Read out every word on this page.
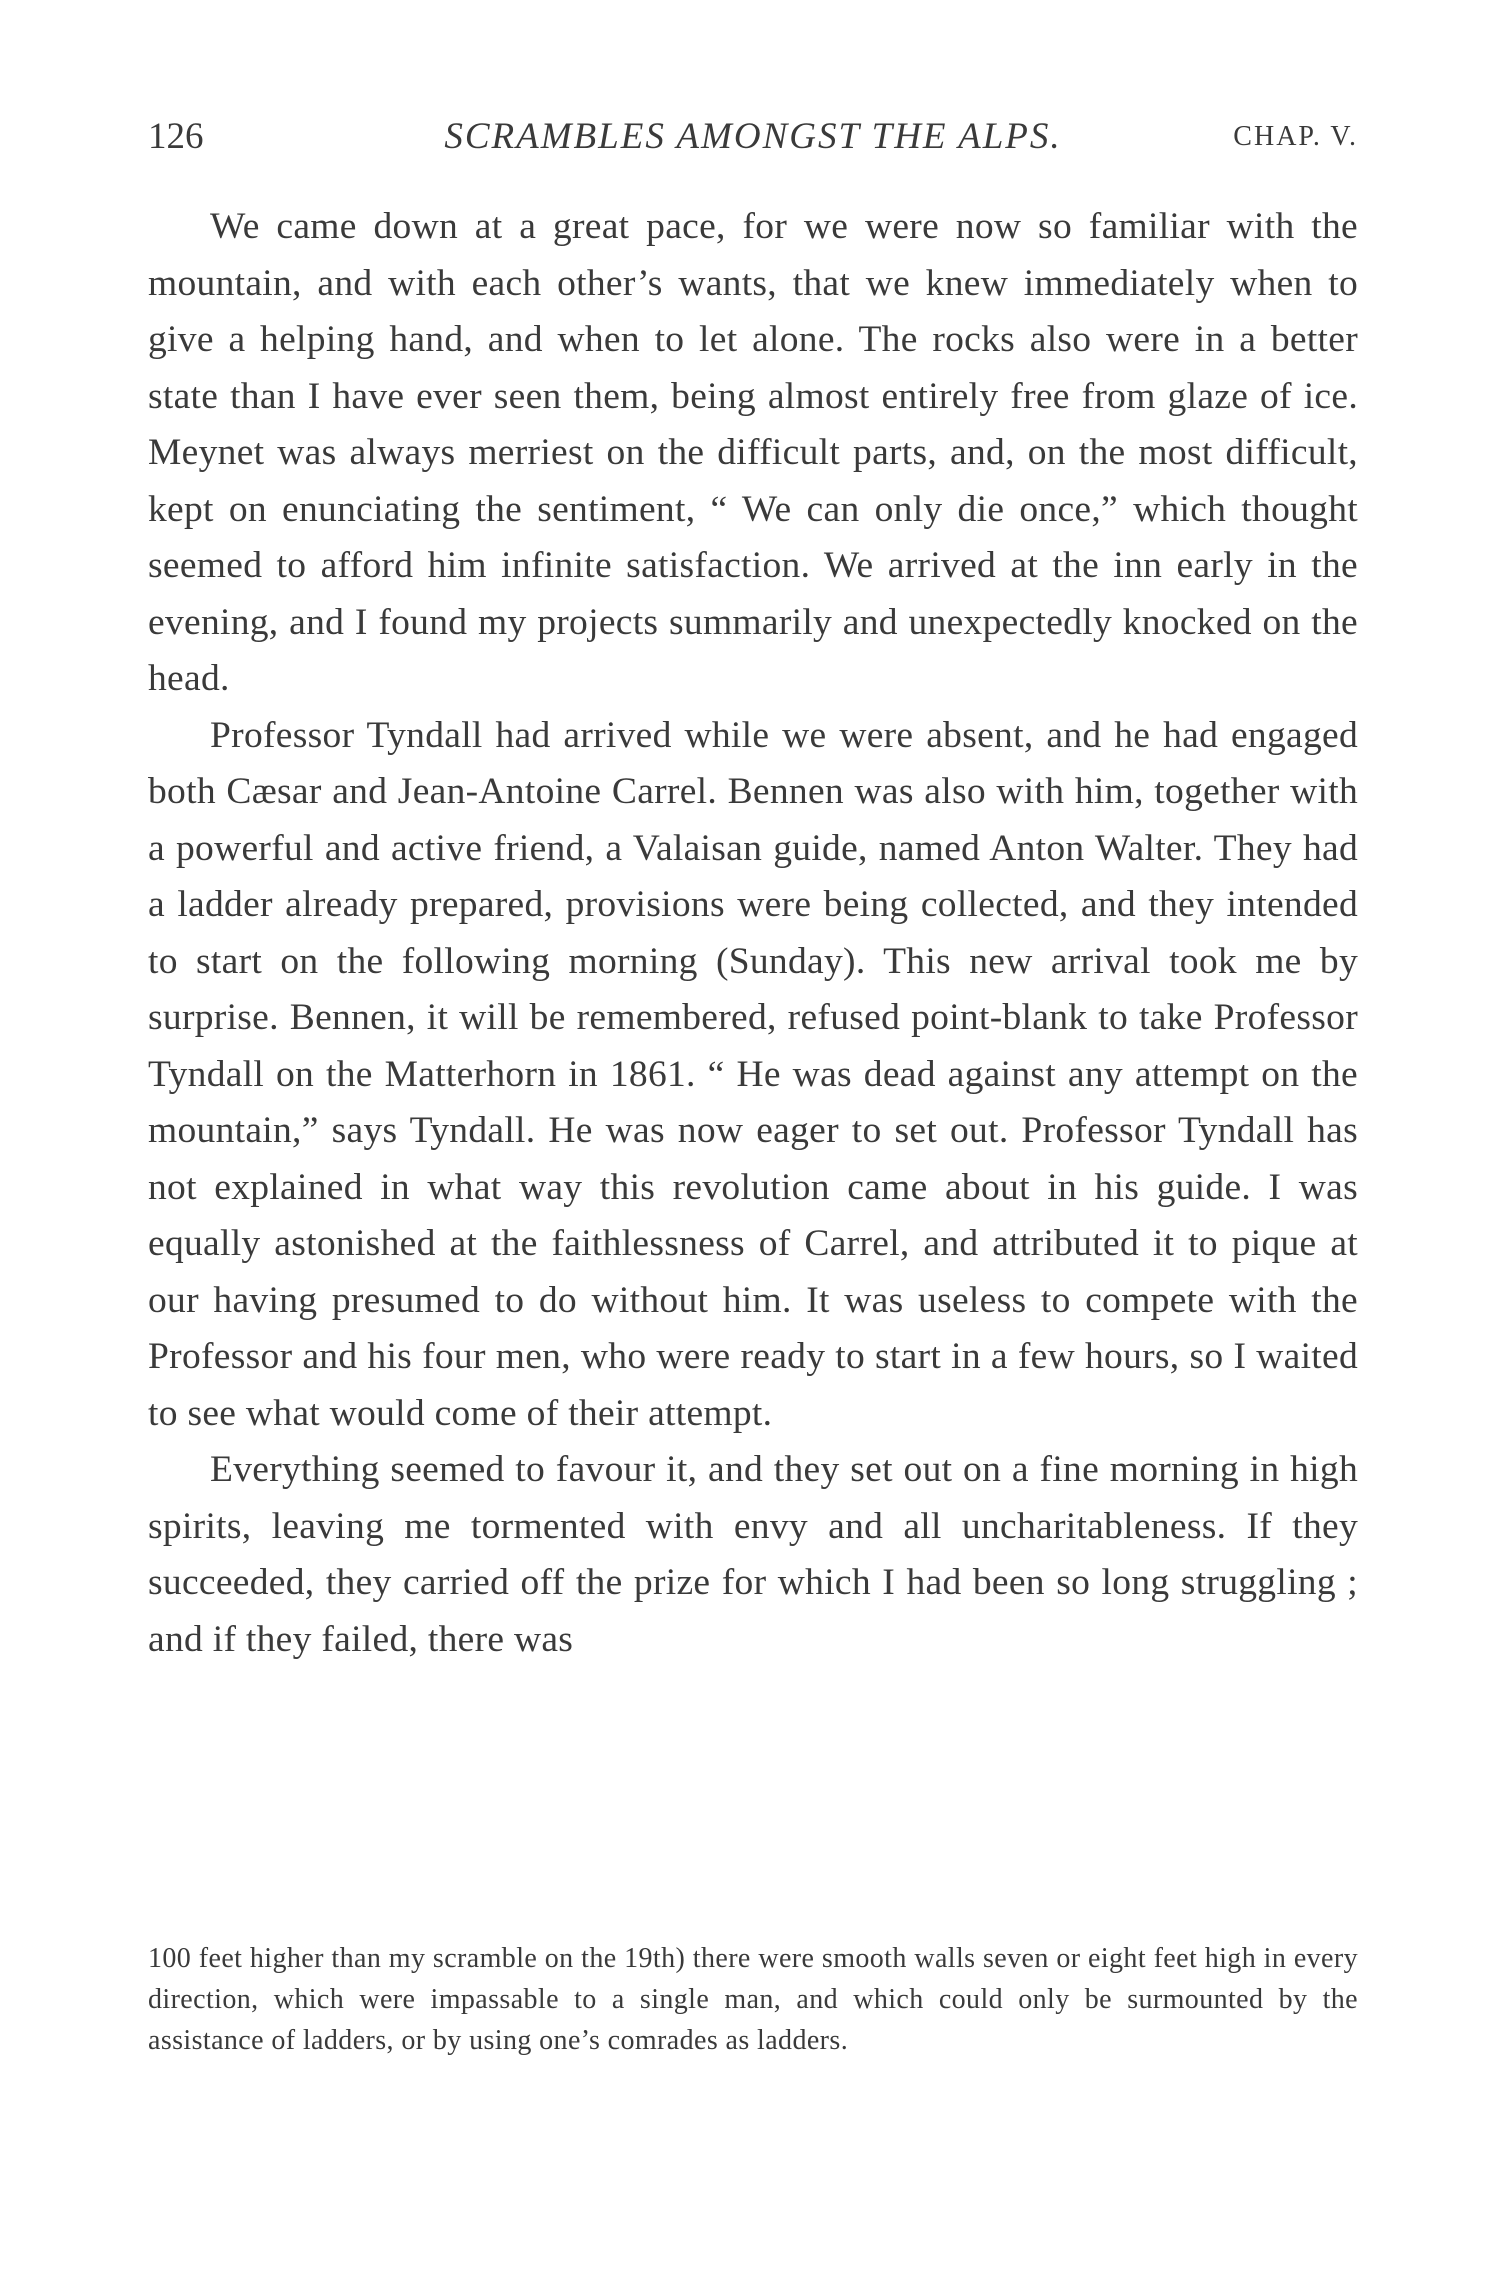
126	SCRAMBLES AMONGST THE ALPS.	CHAP. V.

We came down at a great pace, for we were now so familiar with the mountain, and with each other’s wants, that we knew immediately when to give a helping hand, and when to let alone. The rocks also were in a better state than I have ever seen them, being almost entirely free from glaze of ice. Meynet was always merriest on the difficult parts, and, on the most difficult, kept on enunciating the sentiment, “ We can only die once,” which thought seemed to afford him infinite satisfaction. We arrived at the inn early in the evening, and I found my projects summarily and unexpectedly knocked on the head.

Professor Tyndall had arrived while we were absent, and he had engaged both Cæsar and Jean-Antoine Carrel. Bennen was also with him, together with a powerful and active friend, a Valaisan guide, named Anton Walter. They had a ladder already prepared, provisions were being collected, and they intended to start on the following morning (Sunday). This new arrival took me by surprise. Bennen, it will be remembered, refused point-blank to take Professor Tyndall on the Matterhorn in 1861. “ He was dead against any attempt on the mountain,” says Tyndall. He was now eager to set out. Professor Tyndall has not explained in what way this revolution came about in his guide. I was equally astonished at the faithlessness of Carrel, and attributed it to pique at our having presumed to do without him. It was useless to compete with the Professor and his four men, who were ready to start in a few hours, so I waited to see what would come of their attempt.

Everything seemed to favour it, and they set out on a fine morning in high spirits, leaving me tormented with envy and all uncharitableness. If they succeeded, they carried off the prize for which I had been so long struggling ; and if they failed, there was

100 feet higher than my scramble on the 19th) there were smooth walls seven or eight feet high in every direction, which were impassable to a single man, and which could only be surmounted by the assistance of ladders, or by using one’s comrades as ladders.
